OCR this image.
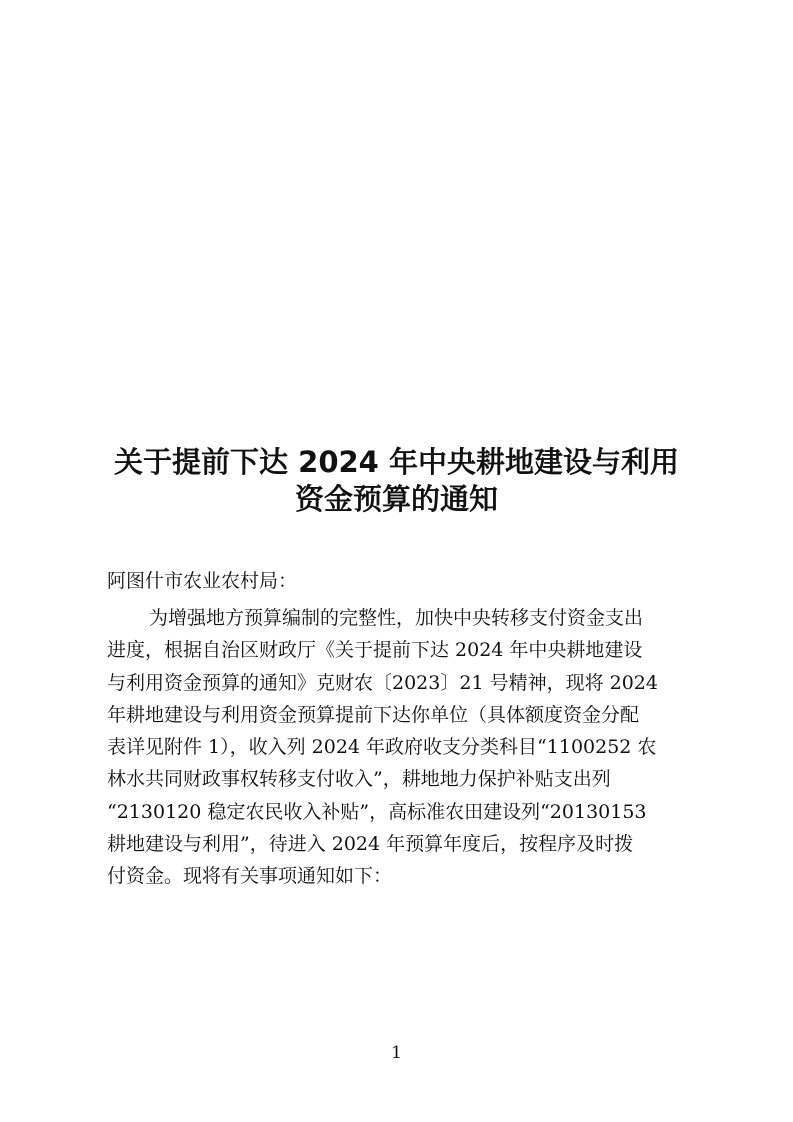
关于提前下达 2024 年中央耕地建设与利用
资金预算的通知
阿图什市农业农村局：
为增强地方预算编制的完整性，加快中央转移支付资金支出
进度，根据自治区财政厅《关于提前下达 2024 年中央耕地建设
与利用资金预算的通知》克财农〔2023〕21 号精神，现将 2024
年耕地建设与利用资金预算提前下达你单位（具体额度资金分配
表详见附件 1），收入列 2024 年政府收支分类科目“1100252 农
林水共同财政事权转移支付收入”，耕地地力保护补贴支出列
“2130120 稳定农民收入补贴”，高标准农田建设列“20130153
耕地建设与利用”，待进入 2024 年预算年度后，按程序及时拨
付资金。现将有关事项通知如下：
1
